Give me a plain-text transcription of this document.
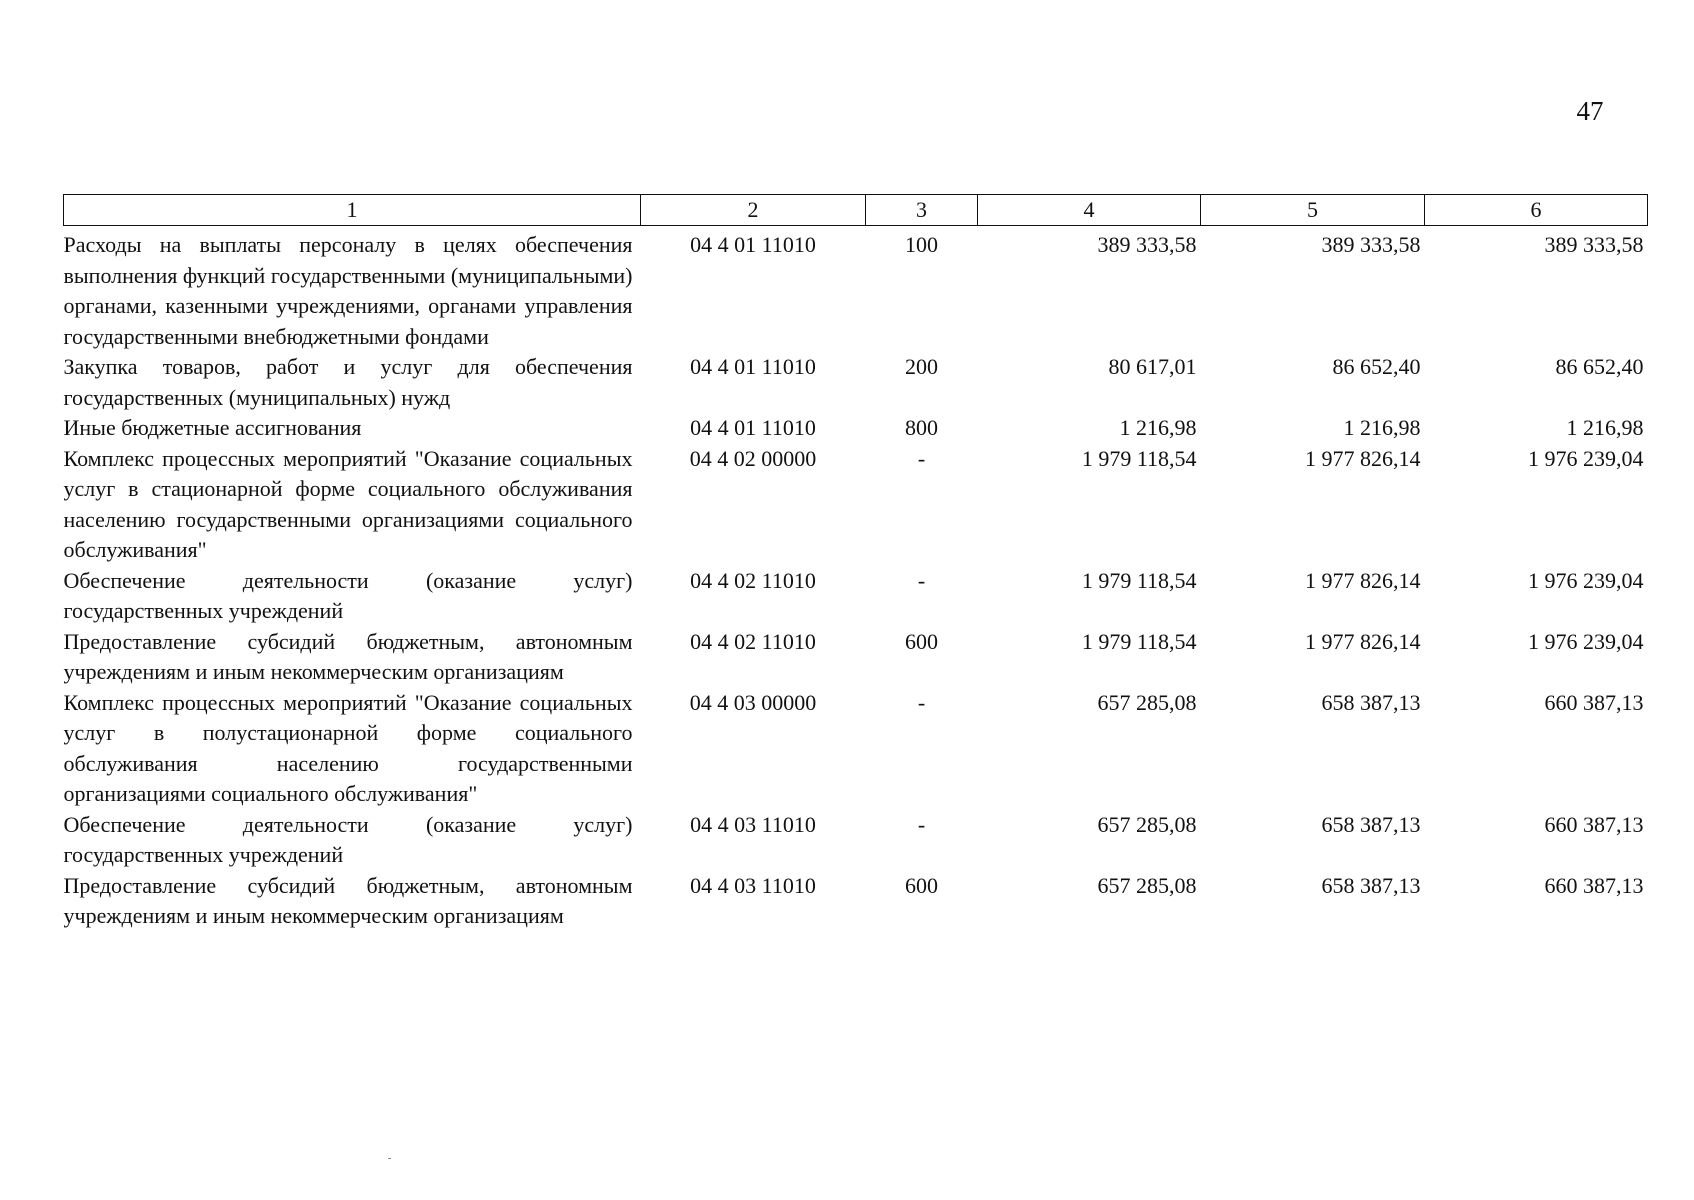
47
1	2	3	4	5	6
Расходы на выплаты персоналу в целях обеспечения выполнения функций государственными (муниципальными) органами, казенными учреждениями, органами управления государственными внебюджетными фондами	04 4 01 11010	100	389 333,58	389 333,58	389 333,58
Закупка товаров, работ и услуг для обеспечения государственных (муниципальных) нужд	04 4 01 11010	200	80 617,01	86 652,40	86 652,40
Иные бюджетные ассигнования	04 4 01 11010	800	1 216,98	1 216,98	1 216,98
Комплекс процессных мероприятий "Оказание социальных услуг в стационарной форме социального обслуживания населению государственными организациями социального обслуживания"	04 4 02 00000	-	1 979 118,54	1 977 826,14	1 976 239,04
Обеспечение деятельности (оказание услуг) государственных учреждений	04 4 02 11010	-	1 979 118,54	1 977 826,14	1 976 239,04
Предоставление субсидий бюджетным, автономным учреждениям и иным некоммерческим организациям	04 4 02 11010	600	1 979 118,54	1 977 826,14	1 976 239,04
Комплекс процессных мероприятий "Оказание социальных услуг в полустационарной форме социального обслуживания населению государственными организациями социального обслуживания"	04 4 03 00000	-	657 285,08	658 387,13	660 387,13
Обеспечение деятельности (оказание услуг) государственных учреждений	04 4 03 11010	-	657 285,08	658 387,13	660 387,13
Предоставление субсидий бюджетным, автономным учреждениям и иным некоммерческим организациям	04 4 03 11010	600	657 285,08	658 387,13	660 387,13
